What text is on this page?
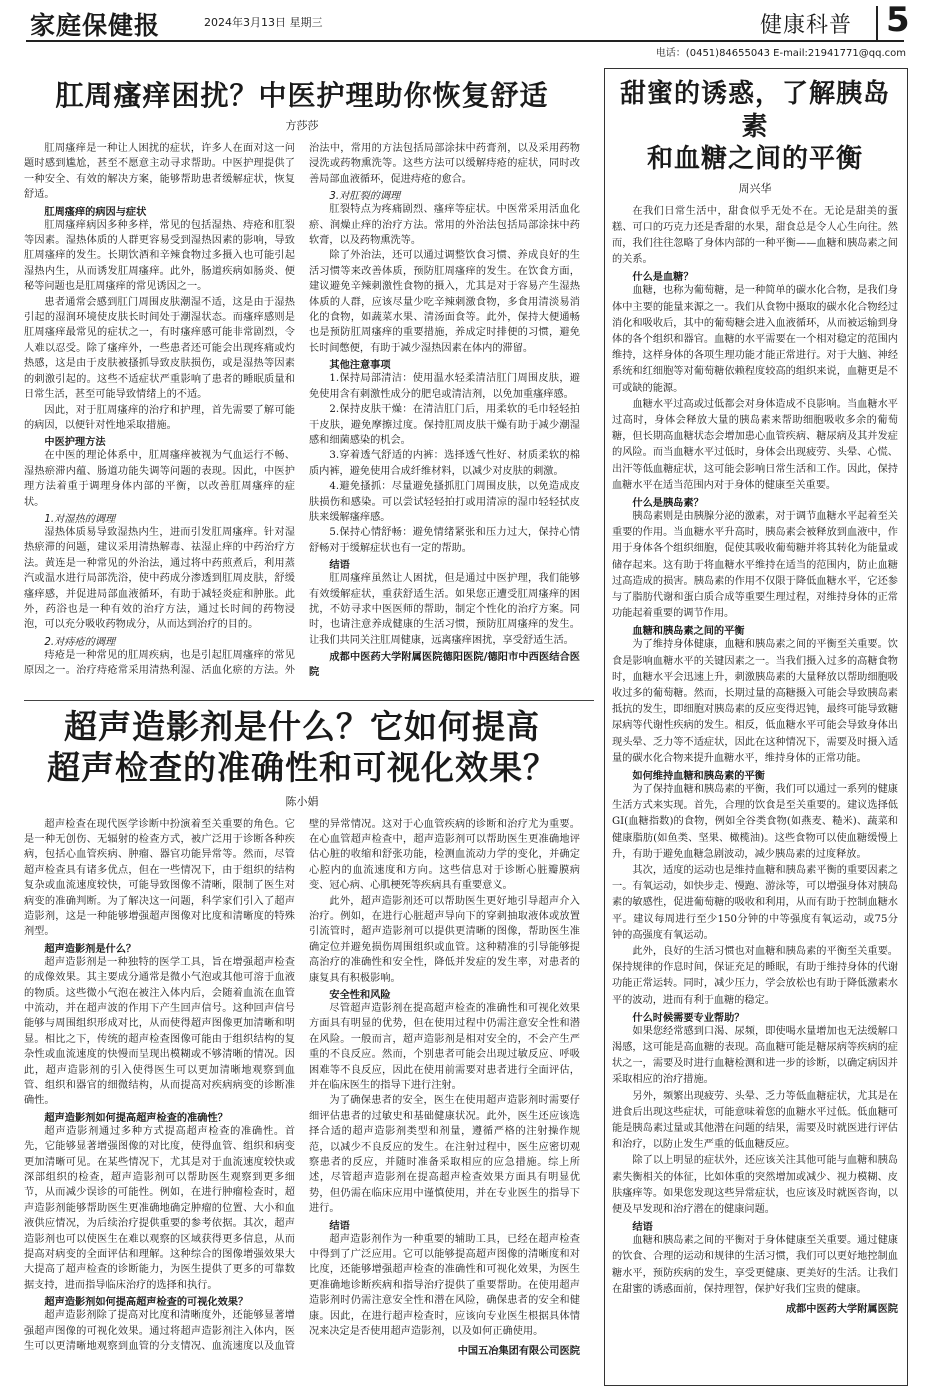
家庭保健报	2024年3月13日 星期三	健康科普 5
电话：(0451)84655043 E-mail:21941771@qq.com
肛周瘙痒困扰？中医护理助你恢复舒适
方莎莎

肛周瘙痒是一种让人困扰的症状，许多人在面对这一问题时感到尴尬，甚至不愿意主动寻求帮助。中医护理提供了一种安全、有效的解决方案，能够帮助患者缓解症状，恢复舒适。

肛周瘙痒的病因与症状

肛周瘙痒病因多种多样，常见的包括湿热、痔疮和肛裂等因素。湿热体质的人群更容易受到湿热因素的影响，导致肛周瘙痒的发生。长期饮酒和辛辣食物过多摄入也可能引起湿热内生，从而诱发肛周瘙痒。此外，肠道疾病如肠炎、便秘等问题也是肛周瘙痒的常见诱因之一。

患者通常会感到肛门周围皮肤潮湿不适，这是由于湿热引起的湿润环境使皮肤长时间处于潮湿状态。而瘙痒感则是肛周瘙痒最常见的症状之一，有时瘙痒感可能非常剧烈，令人难以忍受。除了瘙痒外，一些患者还可能会出现疼痛或灼热感，这是由于皮肤被搔抓导致皮肤损伤，或是湿热等因素的刺激引起的。这些不适症状严重影响了患者的睡眠质量和日常生活，甚至可能导致情绪上的不适。

因此，对于肛周瘙痒的治疗和护理，首先需要了解可能的病因，以便针对性地采取措施。

中医护理方法

在中医的理论体系中，肛周瘙痒被视为气血运行不畅、湿热瘀滞内蕴、肠道功能失调等问题的表现。因此，中医护理方法着重于调理身体内部的平衡，以改善肛周瘙痒的症状。

1.对湿热的调理

湿热体质易导致湿热内生，进而引发肛周瘙痒。针对湿热瘀滞的问题，建议采用清热解毒、祛湿止痒的中药治疗方法。黄连是一种常见的外治法，通过将中药煎煮后，利用蒸汽或温水进行局部洗浴，使中药成分渗透到肛周皮肤，舒缓瘙痒感，并促进局部血液循环，有助于减轻炎症和肿胀。此外，药浴也是一种有效的治疗方法，通过长时间的药物浸泡，可以充分吸收药物成分，从而达到治疗的目的。

2.对痔疮的调理

痔疮是一种常见的肛周疾病，也是引起肛周瘙痒的常见原因之一。治疗痔疮常采用清热利湿、活血化瘀的方法。外治法中，常用的方法包括局部涂抹中药膏剂，以及采用药物浸洗或药物熏洗等。这些方法可以缓解痔疮的症状，同时改善局部血液循环，促进痔疮的愈合。

3.对肛裂的调理

肛裂特点为疼痛剧烈、瘙痒等症状。中医常采用活血化瘀、润燥止痒的治疗方法。常用的外治法包括局部涂抹中药软膏，以及药物熏洗等。

除了外治法，还可以通过调整饮食习惯、养成良好的生活习惯等来改善体质，预防肛周瘙痒的发生。在饮食方面，建议避免辛辣刺激性食物的摄入，尤其是对于容易产生湿热体质的人群，应该尽量少吃辛辣刺激食物，多食用清淡易消化的食物，如蔬菜水果、清汤面食等。此外，保持大便通畅也是预防肛周瘙痒的重要措施，养成定时排便的习惯，避免长时间憋便，有助于减少湿热因素在体内的滞留。

其他注意事项

1.保持局部清洁：使用温水轻柔清洁肛门周围皮肤，避免使用含有刺激性成分的肥皂或清洁剂，以免加重瘙痒感。

2.保持皮肤干燥：在清洁肛门后，用柔软的毛巾轻轻拍干皮肤，避免摩擦过度。保持肛周皮肤干燥有助于减少潮湿感和细菌感染的机会。

3.穿着透气舒适的内裤：选择透气性好、材质柔软的棉质内裤，避免使用合成纤维材料，以减少对皮肤的刺激。

4.避免搔抓：尽量避免搔抓肛门周围皮肤，以免造成皮肤损伤和感染。可以尝试轻轻拍打或用清凉的湿巾轻轻拭皮肤来缓解瘙痒感。

5.保持心情舒畅：避免情绪紧张和压力过大，保持心情舒畅对于缓解症状也有一定的帮助。

结语

肛周瘙痒虽然让人困扰，但是通过中医护理，我们能够有效缓解症状，重获舒适生活。如果您正遭受肛周瘙痒的困扰，不妨寻求中医医师的帮助，制定个性化的治疗方案。同时，也请注意养成健康的生活习惯，预防肛周瘙痒的发生。让我们共同关注肛周健康，远离瘙痒困扰，享受舒适生活。

成都中医药大学附属医院德阳医院/德阳市中西医结合医院

超声造影剂是什么？它如何提高
超声检查的准确性和可视化效果？
陈小娟

超声检查在现代医学诊断中扮演着至关重要的角色。它是一种无创伤、无辐射的检查方式，被广泛用于诊断各种疾病，包括心血管疾病、肿瘤、器官功能异常等。然而，尽管超声检查具有诸多优点，但在一些情况下，由于组织的结构复杂或血流速度较快，可能导致图像不清晰，限制了医生对病变的准确判断。为了解决这一问题，科学家们引入了超声造影剂，这是一种能够增强超声图像对比度和清晰度的特殊剂型。

超声造影剂是什么？

超声造影剂是一种独特的医学工具，旨在增强超声检查的成像效果。其主要成分通常是微小气泡或其他可溶于血液的物质。这些微小气泡在被注入体内后，会随着血流在血管中流动，并在超声波的作用下产生回声信号。这种回声信号能够与周围组织形成对比，从而使得超声图像更加清晰和明显。相比之下，传统的超声检查图像可能由于组织结构的复杂性或血流速度的快慢而呈现出模糊或不够清晰的情况。因此，超声造影剂的引入使得医生可以更加清晰地观察到血管、组织和器官的细微结构，从而提高对疾病病变的诊断准确性。

超声造影剂如何提高超声检查的准确性？

超声造影剂通过多种方式提高超声检查的准确性。首先，它能够显著增强图像的对比度，使得血管、组织和病变更加清晰可见。在某些情况下，尤其是对于血流速度较快或深部组织的检查，超声造影剂可以帮助医生观察到更多细节，从而减少误诊的可能性。例如，在进行肿瘤检查时，超声造影剂能够帮助医生更准确地确定肿瘤的位置、大小和血液供应情况，为后续治疗提供重要的参考依据。其次，超声造影剂也可以使医生在难以观察的区域获得更多信息，从而提高对病变的全面评估和理解。这种综合的图像增强效果大大提高了超声检查的诊断能力，为医生提供了更多的可靠数据支持，进而指导临床治疗的选择和执行。

超声造影剂如何提高超声检查的可视化效果？

超声造影剂除了提高对比度和清晰度外，还能够显著增强超声图像的可视化效果。通过将超声造影剂注入体内，医生可以更清晰地观察到血管的分支情况、血流速度以及血管壁的异常情况。这对于心血管疾病的诊断和治疗尤为重要。在心血管超声检查中，超声造影剂可以帮助医生更准确地评估心脏的收缩和舒张功能，检测血流动力学的变化，并确定心腔内的血流速度和方向。这些信息对于诊断心脏瓣膜病变、冠心病、心肌梗死等疾病具有重要意义。

此外，超声造影剂还可以帮助医生更好地引导超声介入治疗。例如，在进行心脏超声导向下的穿刺抽取液体或放置引流管时，超声造影剂可以提供更清晰的图像，帮助医生准确定位并避免损伤周围组织或血管。这种精准的引导能够提高治疗的准确性和安全性，降低并发症的发生率，对患者的康复具有积极影响。

安全性和风险

尽管超声造影剂在提高超声检查的准确性和可视化效果方面具有明显的优势，但在使用过程中仍需注意安全性和潜在风险。一般而言，超声造影剂是相对安全的，不会产生严重的不良反应。然而，个别患者可能会出现过敏反应、呼吸困难等不良反应，因此在使用前需要对患者进行全面评估，并在临床医生的指导下进行注射。

为了确保患者的安全，医生在使用超声造影剂时需要仔细评估患者的过敏史和基础健康状况。此外，医生还应该选择合适的超声造影剂类型和剂量，遵循严格的注射操作规范，以减少不良反应的发生。在注射过程中，医生应密切观察患者的反应，并随时准备采取相应的应急措施。综上所述，尽管超声造影剂在提高超声检查效果方面具有明显优势，但仍需在临床应用中谨慎使用，并在专业医生的指导下进行。

结语

超声造影剂作为一种重要的辅助工具，已经在超声检查中得到了广泛应用。它可以能够提高超声图像的清晰度和对比度，还能够增强超声检查的准确性和可视化效果，为医生更准确地诊断疾病和指导治疗提供了重要帮助。在使用超声造影剂时仍需注意安全性和潜在风险，确保患者的安全和健康。因此，在进行超声检查时，应该向专业医生根据具体情况来决定是否使用超声造影剂，以及如何正确使用。

中国五冶集团有限公司医院

甜蜜的诱惑，了解胰岛素
和血糖之间的平衡
周兴华

在我们日常生活中，甜食似乎无处不在。无论是甜美的蛋糕、可口的巧克力还是香甜的水果，甜食总是令人心生向往。然而，我们往往忽略了身体内部的一种平衡——血糖和胰岛素之间的关系。

什么是血糖？

血糖，也称为葡萄糖，是一种简单的碳水化合物，是我们身体中主要的能量来源之一。我们从食物中摄取的碳水化合物经过消化和吸收后，其中的葡萄糖会进入血液循环，从而被运输到身体的各个组织和器官。血糖的水平需要在一个相对稳定的范围内维持，这样身体的各项生理功能才能正常进行。对于大脑、神经系统和红细胞等对葡萄糖依赖程度较高的组织来说，血糖更是不可或缺的能源。

血糖水平过高或过低都会对身体造成不良影响。当血糖水平过高时，身体会释放大量的胰岛素来帮助细胞吸收多余的葡萄糖，但长期高血糖状态会增加患心血管疾病、糖尿病及其并发症的风险。而当血糖水平过低时，身体会出现疲劳、头晕、心慌、出汗等低血糖症状，这可能会影响日常生活和工作。因此，保持血糖水平在适当范围内对于身体的健康至关重要。

什么是胰岛素？

胰岛素则是由胰腺分泌的激素，对于调节血糖水平起着至关重要的作用。当血糖水平升高时，胰岛素会被释放到血液中，作用于身体各个组织细胞，促使其吸收葡萄糖并将其转化为能量或储存起来。这有助于将血糖水平维持在适当的范围内，防止血糖过高造成的损害。胰岛素的作用不仅限于降低血糖水平，它还参与了脂肪代谢和蛋白质合成等重要生理过程，对维持身体的正常功能起着重要的调节作用。

血糖和胰岛素之间的平衡

为了维持身体健康，血糖和胰岛素之间的平衡至关重要。饮食是影响血糖水平的关键因素之一。当我们摄入过多的高糖食物时，血糖水平会迅速上升，刺激胰岛素的大量释放以帮助细胞吸收过多的葡萄糖。然而，长期过量的高糖摄入可能会导致胰岛素抵抗的发生，即细胞对胰岛素的反应变得迟钝，最终可能导致糖尿病等代谢性疾病的发生。相反，低血糖水平可能会导致身体出现头晕、乏力等不适症状，因此在这种情况下，需要及时摄入适量的碳水化合物来提升血糖水平，维持身体的正常功能。

如何维持血糖和胰岛素的平衡

为了保持血糖和胰岛素的平衡，我们可以通过一系列的健康生活方式来实现。首先，合理的饮食是至关重要的。建议选择低GI(血糖指数)的食物，例如全谷类食物(如燕麦、糙米)、蔬菜和健康脂肪(如鱼类、坚果、橄榄油)。这些食物可以使血糖缓慢上升，有助于避免血糖急剧波动，减少胰岛素的过度释放。

其次，适度的运动也是维持血糖和胰岛素平衡的重要因素之一。有氧运动，如快步走、慢跑、游泳等，可以增强身体对胰岛素的敏感性，促进葡萄糖的吸收和利用，从而有助于控制血糖水平。建议每周进行至少150分钟的中等强度有氧运动，或75分钟的高强度有氧运动。

此外，良好的生活习惯也对血糖和胰岛素的平衡至关重要。保持规律的作息时间，保证充足的睡眠，有助于维持身体的代谢功能正常运转。同时，减少压力，学会放松也有助于降低激素水平的波动，进而有利于血糖的稳定。

什么时候需要专业帮助？

如果您经常感到口渴、尿频，即使喝水量增加也无法缓解口渴感，这可能是高血糖的表现。高血糖可能是糖尿病等疾病的症状之一，需要及时进行血糖检测和进一步的诊断，以确定病因并采取相应的治疗措施。

另外，频繁出现疲劳、头晕、乏力等低血糖症状，尤其是在进食后出现这些症状，可能意味着您的血糖水平过低。低血糖可能是胰岛素过量或其他潜在问题的结果，需要及时就医进行评估和治疗，以防止发生严重的低血糖反应。

除了以上明显的症状外，还应该关注其他可能与血糖和胰岛素失衡相关的体征，比如体重的突然增加或减少、视力模糊、皮肤瘙痒等。如果您发现这些异常症状，也应该及时就医咨询，以便及早发现和治疗潜在的健康问题。

结语

血糖和胰岛素之间的平衡对于身体健康至关重要。通过健康的饮食、合理的运动和规律的生活习惯，我们可以更好地控制血糖水平，预防疾病的发生，享受更健康、更美好的生活。让我们在甜蜜的诱惑面前，保持理智，保护好我们宝贵的健康。

成都中医药大学附属医院
